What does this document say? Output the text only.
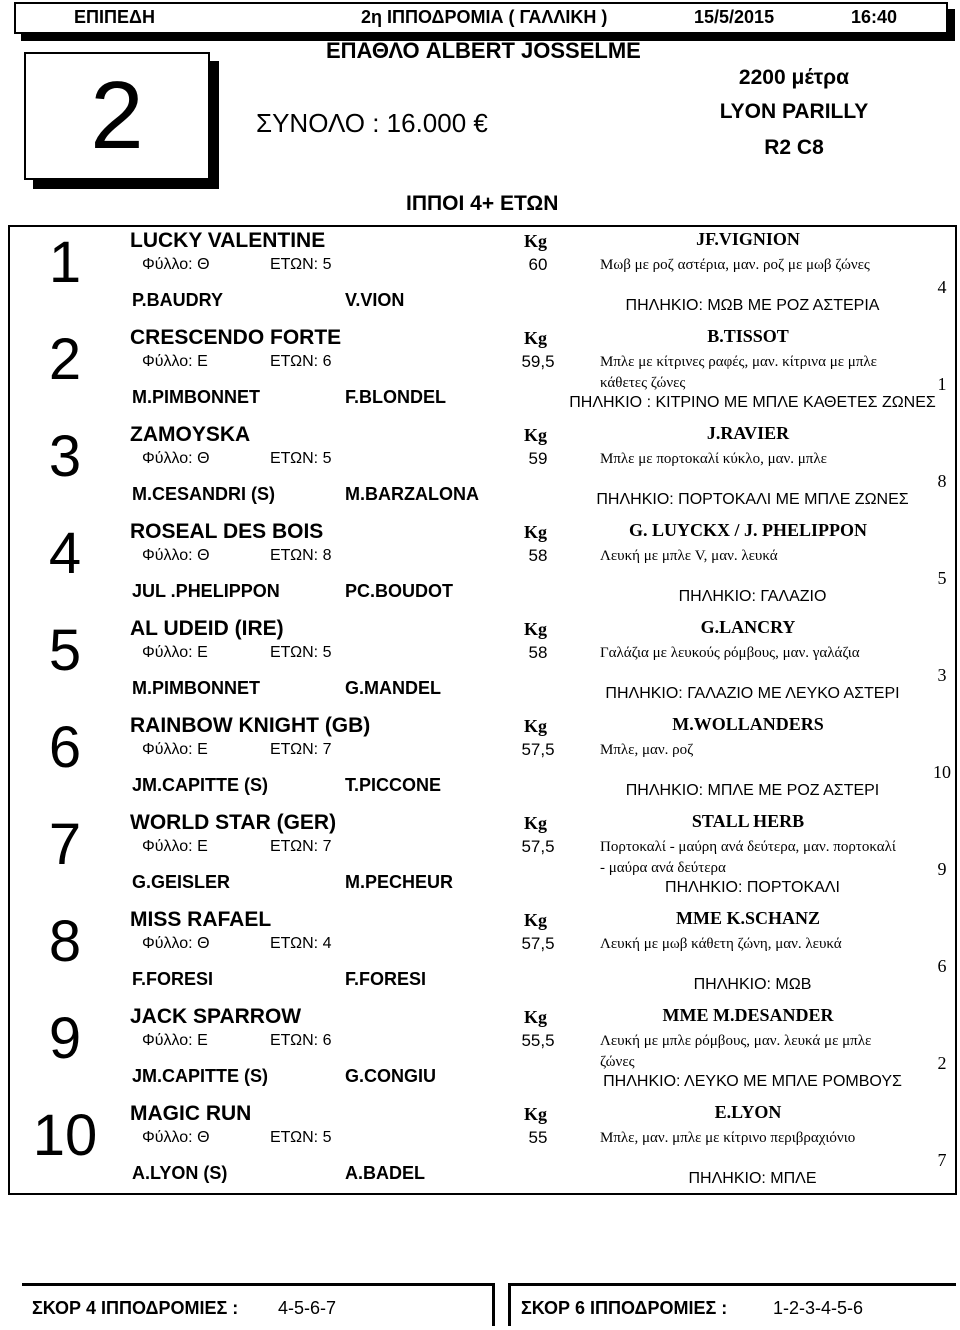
ΕΠΙΠΕΔΗ	2η ΙΠΠΟΔΡΟΜΙΑ ( ΓΑΛΛΙΚΗ )	15/5/2015	16:40
2
ΕΠΑΘΛΟ ALBERT JOSSELME
ΣΥΝΟΛΟ : 16.000 €
2200 μέτρα
LYON PARILLY
R2 C8
ΙΠΠΟΙ 4+ ΕΤΩΝ
1	LUCKY VALENTINE
Φύλλο: Θ	ΕΤΩΝ: 5
Kg
60
P.BAUDRY	V.VION
JF.VIGNION
Μωβ με ροζ αστέρια, μαν. ροζ με μωβ ζώνες
ΠΗΛΗΚΙΟ: ΜΩΒ ΜΕ ΡΟΖ ΑΣΤΕΡΙΑ
4
2	CRESCENDO FORTE
Φύλλο: Ε	ΕΤΩΝ: 6
Kg
59,5
M.PIMBONNET	F.BLONDEL
B.TISSOT
Μπλε με κίτρινες ραφές, μαν. κίτρινα με μπλε κάθετες ζώνες
ΠΗΛΗΚΙΟ : ΚΙΤΡΙΝΟ ΜΕ ΜΠΛΕ ΚΑΘΕΤΕΣ ΖΩΝΕΣ
1
3	ZAMOYSKA
Φύλλο: Θ	ΕΤΩΝ: 5
Kg
59
M.CESANDRI (S)	M.BARZALONA
J.RAVIER
Μπλε με πορτοκαλί κύκλο, μαν. μπλε
ΠΗΛΗΚΙΟ: ΠΟΡΤΟΚΑΛΙ ΜΕ ΜΠΛΕ ΖΩΝΕΣ
8
4	ROSEAL DES BOIS
Φύλλο: Θ	ΕΤΩΝ: 8
Kg
58
JUL .PHELIPPON	PC.BOUDOT
G. LUYCKX / J. PHELIPPON
Λευκή με μπλε V, μαν. λευκά
ΠΗΛΗΚΙΟ: ΓΑΛΑΖΙΟ
5
5	AL UDEID (IRE)
Φύλλο: Ε	ΕΤΩΝ: 5
Kg
58
M.PIMBONNET	G.MANDEL
G.LANCRY
Γαλάζια με λευκούς ρόμβους, μαν. γαλάζια
ΠΗΛΗΚΙΟ: ΓΑΛΑΖΙΟ ΜΕ ΛΕΥΚΟ ΑΣΤΕΡΙ
3
6	RAINBOW KNIGHT (GB)
Φύλλο: Ε	ΕΤΩΝ: 7
Kg
57,5
JM.CAPITTE (S)	T.PICCONE
M.WOLLANDERS
Μπλε, μαν. ροζ
ΠΗΛΗΚΙΟ: ΜΠΛΕ ΜΕ ΡΟΖ ΑΣΤΕΡΙ
10
7	WORLD STAR (GER)
Φύλλο: Ε	ΕΤΩΝ: 7
Kg
57,5
G.GEISLER	M.PECHEUR
STALL HERB
Πορτοκαλί - μαύρη ανά δεύτερα, μαν. πορτοκαλί - μαύρα ανά δεύτερα
ΠΗΛΗΚΙΟ: ΠΟΡΤΟΚΑΛΙ
9
8	MISS RAFAEL
Φύλλο: Θ	ΕΤΩΝ: 4
Kg
57,5
F.FORESI	F.FORESI
MME K.SCHANZ
Λευκή με μωβ κάθετη ζώνη, μαν. λευκά
ΠΗΛΗΚΙΟ: ΜΩΒ
6
9	JACK SPARROW
Φύλλο: Ε	ΕΤΩΝ: 6
Kg
55,5
JM.CAPITTE (S)	G.CONGIU
MME M.DESANDER
Λευκή με μπλε ρόμβους, μαν. λευκά με μπλε ζώνες
ΠΗΛΗΚΙΟ: ΛΕΥΚΟ ΜΕ ΜΠΛΕ ΡΟΜΒΟΥΣ
2
10	MAGIC RUN
Φύλλο: Θ	ΕΤΩΝ: 5
Kg
55
A.LYON (S)	A.BADEL
E.LYON
Μπλε, μαν. μπλε με κίτρινο περιβραχιόνιο
ΠΗΛΗΚΙΟ: ΜΠΛΕ
7
ΣΚΟΡ 4 ΙΠΠΟΔΡΟΜΙΕΣ : 4-5-6-7	ΣΚΟΡ 6 ΙΠΠΟΔΡΟΜΙΕΣ :	1-2-3-4-5-6
